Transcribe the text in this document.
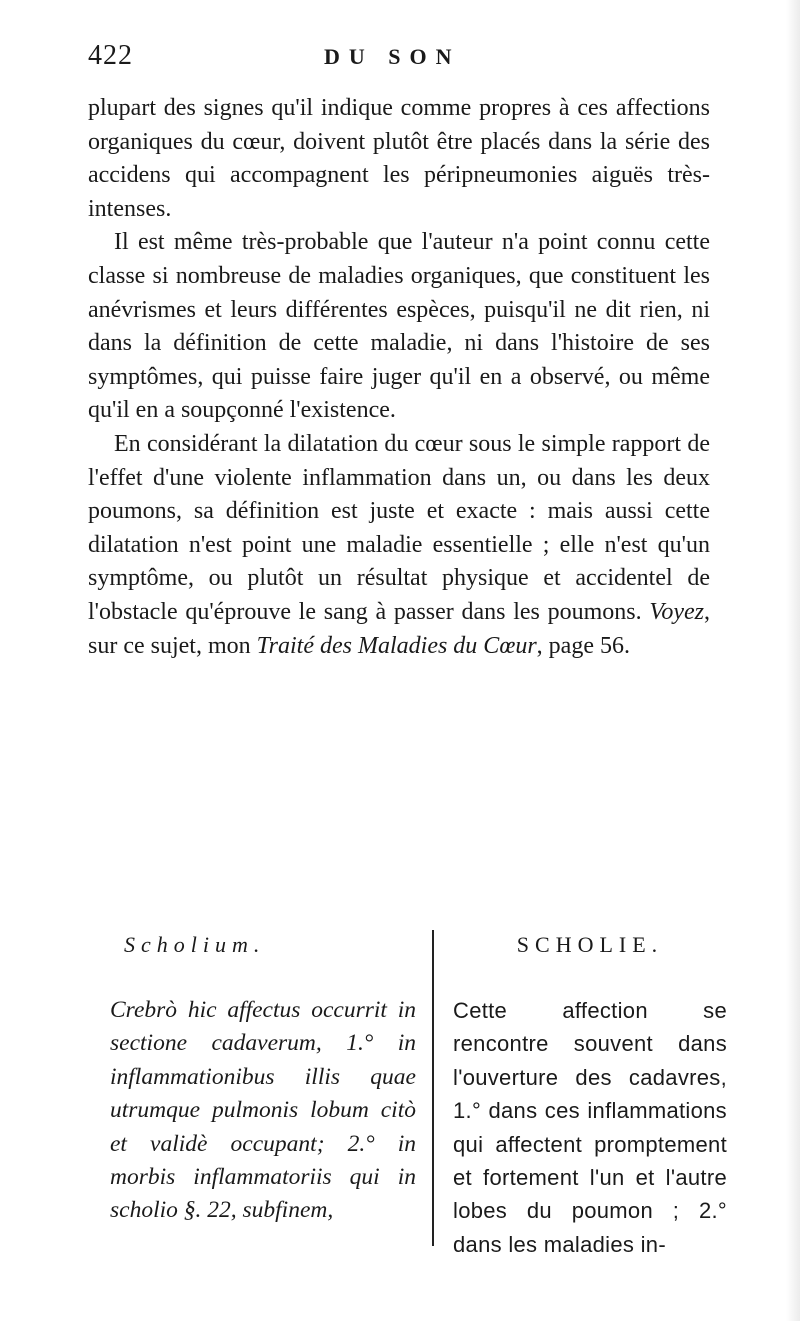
422	DU SON

plupart des signes qu'il indique comme propres à ces affections organiques du cœur, doivent plutôt être placés dans la série des accidens qui accompagnent les péripneumonies aiguës très-intenses.

Il est même très-probable que l'auteur n'a point connu cette classe si nombreuse de maladies organiques, que constituent les anévrismes et leurs différentes espèces, puisqu'il ne dit rien, ni dans la définition de cette maladie, ni dans l'histoire de ses symptômes, qui puisse faire juger qu'il en a observé, ou même qu'il en a soupçonné l'existence.

En considérant la dilatation du cœur sous le simple rapport de l'effet d'une violente inflammation dans un, ou dans les deux poumons, sa définition est juste et exacte : mais aussi cette dilatation n'est point une maladie essentielle ; elle n'est qu'un symptôme, ou plutôt un résultat physique et accidentel de l'obstacle qu'éprouve le sang à passer dans les poumons. Voyez, sur ce sujet, mon Traité des Maladies du Cœur, page 56.

Scholium.

Crebrò hic affectus occurrit in sectione cadaverum, 1.° in inflammationibus illis quae utrumque pulmonis lobum citò et validè occupant; 2.° in morbis inflammatoriis qui in scholio §. 22, subfinem,

SCHOLIE.

Cette affection se rencontre souvent dans l'ouverture des cadavres, 1.° dans ces inflammations qui affectent promptement et fortement l'un et l'autre lobes du poumon ; 2.° dans les maladies in-
